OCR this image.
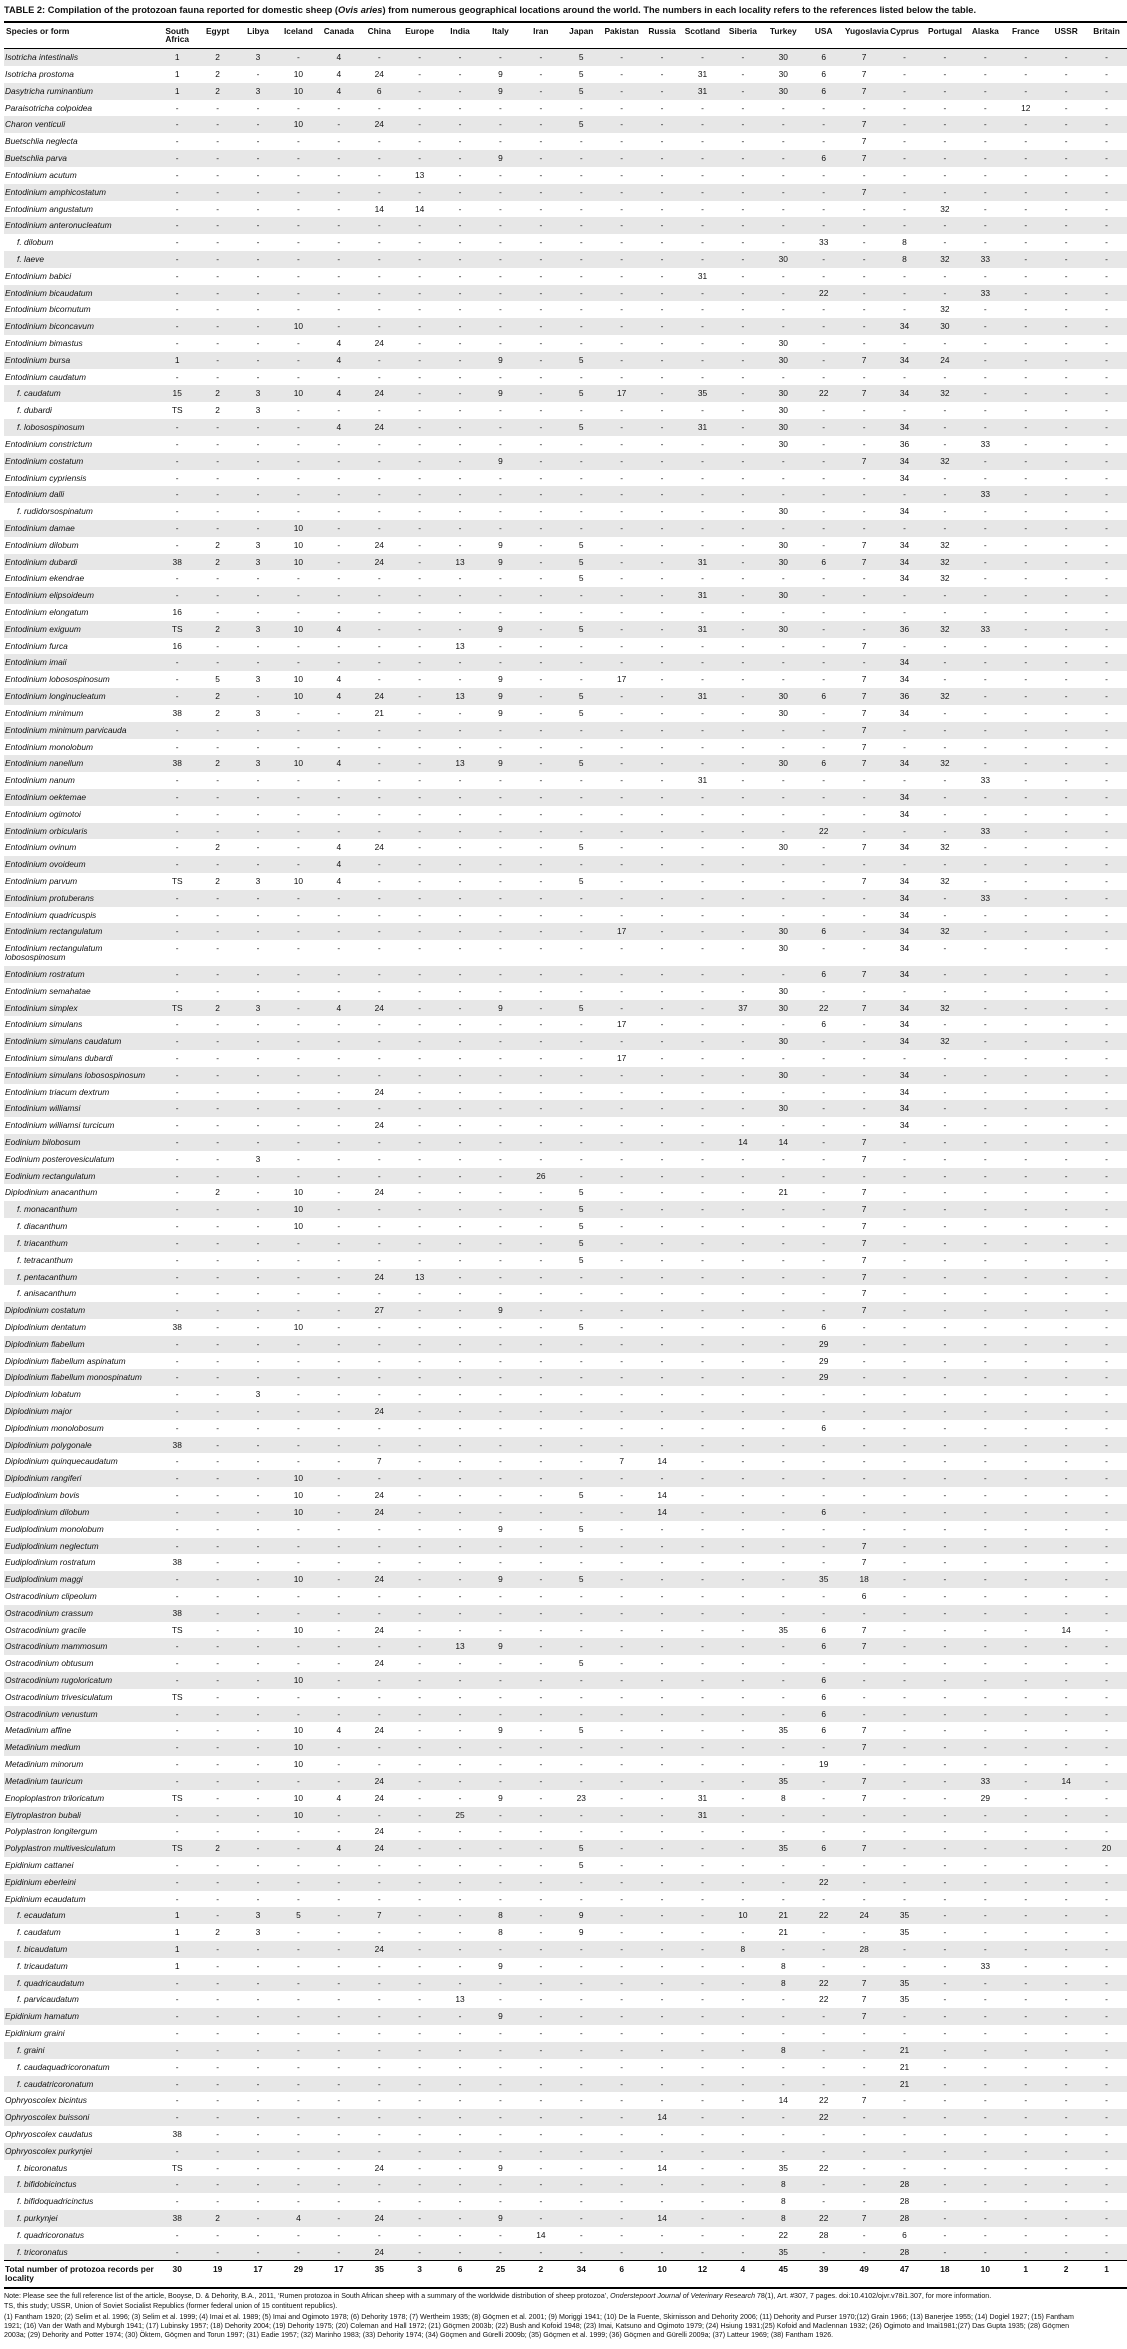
TABLE 2: Compilation of the protozoan fauna reported for domestic sheep (Ovis aries) from numerous geographical locations around the world. The numbers in each locality refers to the references listed below the table.
Species or form	South Africa	Egypt	Libya	Iceland	Canada	China	Europe	India	Italy	Iran	Japan	Pakistan	Russia	Scotland	Siberia	Turkey	USA	Yugoslavia	Cyprus	Portugal	Alaska	France	USSR	Britain
Isotricha intestinalis	1	2	3	-	4	-	-	-	-	-	5	-	-	-	-	30	6	7	-	-	-	-	-	-
Isotricha prostoma	1	2	-	10	4	24	-	-	9	-	5	-	-	31	-	30	6	7	-	-	-	-	-	-
Dasytricha ruminantium	1	2	3	10	4	6	-	-	9	-	5	-	-	31	-	30	6	7	-	-	-	-	-	-
Paraisotricha colpoidea	-	-	-	-	-	-	-	-	-	-	-	-	-	-	-	-	-	-	-	-	-	12	-	-
Charon venticuli	-	-	-	10	-	24	-	-	-	-	5	-	-	-	-	-	-	7	-	-	-	-	-	-
Buetschlia neglecta	-	-	-	-	-	-	-	-	-	-	-	-	-	-	-	-	-	7	-	-	-	-	-	-
Buetschlia parva	-	-	-	-	-	-	-	-	9	-	-	-	-	-	-	-	6	7	-	-	-	-	-	-
Entodinium acutum	-	-	-	-	-	-	13	-	-	-	-	-	-	-	-	-	-	-	-	-	-	-	-	-
Entodinium amphicostatum	-	-	-	-	-	-	-	-	-	-	-	-	-	-	-	-	-	7	-	-	-	-	-	-
Entodinium angustatum	-	-	-	-	-	14	14	-	-	-	-	-	-	-	-	-	-	-	-	32	-	-	-	-
Entodinium anteronucleatum	-	-	-	-	-	-	-	-	-	-	-	-	-	-	-	-	-	-	-	-	-	-	-	-
f. dilobum	-	-	-	-	-	-	-	-	-	-	-	-	-	-	-	-	33	-	8	-	-	-	-	-
f. laeve	-	-	-	-	-	-	-	-	-	-	-	-	-	-	-	30	-	-	8	32	33	-	-	-
Entodinium babici	-	-	-	-	-	-	-	-	-	-	-	-	-	31	-	-	-	-	-	-	-	-	-	-
Entodinium bicaudatum	-	-	-	-	-	-	-	-	-	-	-	-	-	-	-	-	22	-	-	-	33	-	-	-
Entodinium bicornutum	-	-	-	-	-	-	-	-	-	-	-	-	-	-	-	-	-	-	-	32	-	-	-	-
Entodinium biconcavum	-	-	-	10	-	-	-	-	-	-	-	-	-	-	-	-	-	-	34	30	-	-	-	-
Entodinium bimastus	-	-	-	-	4	24	-	-	-	-	-	-	-	-	-	30	-	-	-	-	-	-	-	-
Entodinium bursa	1	-	-	-	4	-	-	-	9	-	5	-	-	-	-	30	-	7	34	24	-	-	-	-
Entodinium caudatum	-	-	-	-	-	-	-	-	-	-	-	-	-	-	-	-	-	-	-	-	-	-	-	-
f. caudatum	15	2	3	10	4	24	-	-	9	-	5	17	-	35	-	30	22	7	34	32	-	-	-	-
f. dubardi	TS	2	3	-	-	-	-	-	-	-	-	-	-	-	-	30	-	-	-	-	-	-	-	-
f. lobosospinosum	-	-	-	-	4	24	-	-	-	-	5	-	-	31	-	30	-	-	34	-	-	-	-	-
Entodinium constrictum	-	-	-	-	-	-	-	-	-	-	-	-	-	-	-	30	-	-	36	-	33	-	-	-
Entodinium costatum	-	-	-	-	-	-	-	-	9	-	-	-	-	-	-	-	-	7	34	32	-	-	-	-
Entodinium cypriensis	-	-	-	-	-	-	-	-	-	-	-	-	-	-	-	-	-	-	34	-	-	-	-	-
Entodinium dalli	-	-	-	-	-	-	-	-	-	-	-	-	-	-	-	-	-	-	-	-	33	-	-	-
f. rudidorsospinatum	-	-	-	-	-	-	-	-	-	-	-	-	-	-	-	30	-	-	34	-	-	-	-	-
Entodinium damae	-	-	-	10	-	-	-	-	-	-	-	-	-	-	-	-	-	-	-	-	-	-	-	-
Entodinium dilobum	-	2	3	10	-	24	-	-	9	-	5	-	-	-	-	30	-	7	34	32	-	-	-	-
Entodinium dubardi	38	2	3	10	-	24	-	13	9	-	5	-	-	31	-	30	6	7	34	32	-	-	-	-
Entodinium ekendrae	-	-	-	-	-	-	-	-	-	-	5	-	-	-	-	-	-	-	34	32	-	-	-	-
Entodinium elipsoideum	-	-	-	-	-	-	-	-	-	-	-	-	-	31	-	30	-	-	-	-	-	-	-	-
Entodinium elongatum	16	-	-	-	-	-	-	-	-	-	-	-	-	-	-	-	-	-	-	-	-	-	-	-
Entodinium exiguum	TS	2	3	10	4	-	-	-	9	-	5	-	-	31	-	30	-	-	36	32	33	-	-	-
Entodinium furca	16	-	-	-	-	-	-	13	-	-	-	-	-	-	-	-	-	7	-	-	-	-	-	-
Entodinium imaii	-	-	-	-	-	-	-	-	-	-	-	-	-	-	-	-	-	-	34	-	-	-	-	-
Entodinium lobosospinosum	-	5	3	10	4	-	-	-	9	-	-	17	-	-	-	-	-	7	34	-	-	-	-	-
Entodinium longinucleatum	-	2	-	10	4	24	-	13	9	-	5	-	-	31	-	30	6	7	36	32	-	-	-	-
Entodinium minimum	38	2	3	-	-	21	-	-	9	-	5	-	-	-	-	30	-	7	34	-	-	-	-	-
Entodinium minimum parvicauda	-	-	-	-	-	-	-	-	-	-	-	-	-	-	-	-	-	7	-	-	-	-	-	-
Entodinium monolobum	-	-	-	-	-	-	-	-	-	-	-	-	-	-	-	-	-	7	-	-	-	-	-	-
Entodinium nanellum	38	2	3	10	4	-	-	13	9	-	5	-	-	-	-	30	6	7	34	32	-	-	-	-
Entodinium nanum	-	-	-	-	-	-	-	-	-	-	-	-	-	31	-	-	-	-	-	-	33	-	-	-
Entodinium oektemae	-	-	-	-	-	-	-	-	-	-	-	-	-	-	-	-	-	-	34	-	-	-	-	-
Entodinium ogimotoi	-	-	-	-	-	-	-	-	-	-	-	-	-	-	-	-	-	-	34	-	-	-	-	-
Entodinium orbicularis	-	-	-	-	-	-	-	-	-	-	-	-	-	-	-	-	22	-	-	-	33	-	-	-
Entodinium ovinum	-	2	-	-	4	24	-	-	-	-	5	-	-	-	-	30	-	7	34	32	-	-	-	-
Entodinium ovoideum	-	-	-	-	4	-	-	-	-	-	-	-	-	-	-	-	-	-	-	-	-	-	-	-
Entodinium parvum	TS	2	3	10	4	-	-	-	-	-	5	-	-	-	-	-	-	7	34	32	-	-	-	-
Entodinium protuberans	-	-	-	-	-	-	-	-	-	-	-	-	-	-	-	-	-	-	34	-	33	-	-	-
Entodinium quadricuspis	-	-	-	-	-	-	-	-	-	-	-	-	-	-	-	-	-	-	34	-	-	-	-	-
Entodinium rectangulatum	-	-	-	-	-	-	-	-	-	-	-	17	-	-	-	30	6	-	34	32	-	-	-	-
Entodinium rectangulatum lobosospinosum	-	-	-	-	-	-	-	-	-	-	-	-	-	-	-	30	-	-	34	-	-	-	-	-
Entodinium rostratum	-	-	-	-	-	-	-	-	-	-	-	-	-	-	-	-	6	7	34	-	-	-	-	-
Entodinium semahatae	-	-	-	-	-	-	-	-	-	-	-	-	-	-	-	30	-	-	-	-	-	-	-	-
Entodinium simplex	TS	2	3	-	4	24	-	-	9	-	5	-	-	-	37	30	22	7	34	32	-	-	-	-
Entodinium simulans	-	-	-	-	-	-	-	-	-	-	-	17	-	-	-	-	6	-	34	-	-	-	-	-
Entodinium simulans caudatum	-	-	-	-	-	-	-	-	-	-	-	-	-	-	-	30	-	-	34	32	-	-	-	-
Entodinium simulans dubardi	-	-	-	-	-	-	-	-	-	-	-	17	-	-	-	-	-	-	-	-	-	-	-	-
Entodinium simulans lobosospinosum	-	-	-	-	-	-	-	-	-	-	-	-	-	-	-	30	-	-	34	-	-	-	-	-
Entodinium triacum dextrum	-	-	-	-	-	24	-	-	-	-	-	-	-	-	-	-	-	-	34	-	-	-	-	-
Entodinium williamsi	-	-	-	-	-	-	-	-	-	-	-	-	-	-	-	30	-	-	34	-	-	-	-	-
Entodinium williamsi turcicum	-	-	-	-	-	24	-	-	-	-	-	-	-	-	-	-	-	-	34	-	-	-	-	-
Eodinium bilobosum	-	-	-	-	-	-	-	-	-	-	-	-	-	-	14	14	-	7	-	-	-	-	-	-
Eodinium posterovesiculatum	-	-	3	-	-	-	-	-	-	-	-	-	-	-	-	-	-	7	-	-	-	-	-	-
Eodinium rectangulatum	-	-	-	-	-	-	-	-	-	26	-	-	-	-	-	-	-	-	-	-	-	-	-	-
Diplodinium anacanthum	-	2	-	10	-	24	-	-	-	-	5	-	-	-	-	21	-	7	-	-	-	-	-	-
f. monacanthum	-	-	-	10	-	-	-	-	-	-	5	-	-	-	-	-	-	7	-	-	-	-	-	-
f. diacanthum	-	-	-	10	-	-	-	-	-	-	5	-	-	-	-	-	-	7	-	-	-	-	-	-
f. triacanthum	-	-	-	-	-	-	-	-	-	-	5	-	-	-	-	-	-	7	-	-	-	-	-	-
f. tetracanthum	-	-	-	-	-	-	-	-	-	-	5	-	-	-	-	-	-	7	-	-	-	-	-	-
f. pentacanthum	-	-	-	-	-	24	13	-	-	-	-	-	-	-	-	-	-	7	-	-	-	-	-	-
f. anisacanthum	-	-	-	-	-	-	-	-	-	-	-	-	-	-	-	-	-	7	-	-	-	-	-	-
Diplodinium costatum	-	-	-	-	-	27	-	-	9	-	-	-	-	-	-	-	-	7	-	-	-	-	-	-
Diplodinium dentatum	38	-	-	10	-	-	-	-	-	-	5	-	-	-	-	-	6	-	-	-	-	-	-	-
Diplodinium flabellum	-	-	-	-	-	-	-	-	-	-	-	-	-	-	-	-	29	-	-	-	-	-	-	-
Diplodinium flabellum aspinatum	-	-	-	-	-	-	-	-	-	-	-	-	-	-	-	-	29	-	-	-	-	-	-	-
Diplodinium flabellum monospinatum	-	-	-	-	-	-	-	-	-	-	-	-	-	-	-	-	29	-	-	-	-	-	-	-
Diplodinium lobatum	-	-	3	-	-	-	-	-	-	-	-	-	-	-	-	-	-	-	-	-	-	-	-	-
Diplodinium major	-	-	-	-	-	24	-	-	-	-	-	-	-	-	-	-	-	-	-	-	-	-	-	-
Diplodinium monolobosum	-	-	-	-	-	-	-	-	-	-	-	-	-	-	-	-	6	-	-	-	-	-	-	-
Diplodinium polygonale	38	-	-	-	-	-	-	-	-	-	-	-	-	-	-	-	-	-	-	-	-	-	-	-
Diplodinium quinquecaudatum	-	-	-	-	-	7	-	-	-	-	-	7	14	-	-	-	-	-	-	-	-	-	-	-
Diplodinium rangiferi	-	-	-	10	-	-	-	-	-	-	-	-	-	-	-	-	-	-	-	-	-	-	-	-
Eudiplodinium bovis	-	-	-	10	-	24	-	-	-	-	5	-	14	-	-	-	-	-	-	-	-	-	-	-
Eudiplodinium dilobum	-	-	-	10	-	24	-	-	-	-	-	-	14	-	-	-	6	-	-	-	-	-	-	-
Eudiplodinium monolobum	-	-	-	-	-	-	-	-	9	-	5	-	-	-	-	-	-	-	-	-	-	-	-	-
Eudiplodinium neglectum	-	-	-	-	-	-	-	-	-	-	-	-	-	-	-	-	-	7	-	-	-	-	-	-
Eudiplodinium rostratum	38	-	-	-	-	-	-	-	-	-	-	-	-	-	-	-	-	7	-	-	-	-	-	-
Eudiplodinium maggi	-	-	-	10	-	24	-	-	9	-	5	-	-	-	-	-	35	18	-	-	-	-	-	-
Ostracodinium clipeolum	-	-	-	-	-	-	-	-	-	-	-	-	-	-	-	-	-	6	-	-	-	-	-	-
Ostracodinium crassum	38	-	-	-	-	-	-	-	-	-	-	-	-	-	-	-	-	-	-	-	-	-	-	-
Ostracodinium gracile	TS	-	-	10	-	24	-	-	-	-	-	-	-	-	-	35	6	7	-	-	-	-	14	-
Ostracodinium mammosum	-	-	-	-	-	-	-	13	9	-	-	-	-	-	-	-	6	7	-	-	-	-	-	-
Ostracodinium obtusum	-	-	-	-	-	24	-	-	-	-	5	-	-	-	-	-	-	-	-	-	-	-	-	-
Ostracodinium rugoloricatum	-	-	-	10	-	-	-	-	-	-	-	-	-	-	-	-	6	-	-	-	-	-	-	-
Ostracodinium trivesiculatum	TS	-	-	-	-	-	-	-	-	-	-	-	-	-	-	-	6	-	-	-	-	-	-	-
Ostracodinium venustum	-	-	-	-	-	-	-	-	-	-	-	-	-	-	-	-	6	-	-	-	-	-	-	-
Metadinium affine	-	-	-	10	4	24	-	-	9	-	5	-	-	-	-	35	6	7	-	-	-	-	-	-
Metadinium medium	-	-	-	10	-	-	-	-	-	-	-	-	-	-	-	-	-	7	-	-	-	-	-	-
Metadinium minorum	-	-	-	10	-	-	-	-	-	-	-	-	-	-	-	-	19	-	-	-	-	-	-	-
Metadinium tauricum	-	-	-	-	-	24	-	-	-	-	-	-	-	-	-	35	-	7	-	-	33	-	14	-
Enoploplastron triloricatum	TS	-	-	10	4	24	-	-	9	-	23	-	-	31	-	8	-	7	-	-	29	-	-	-
Elytroplastron bubali	-	-	-	10	-	-	-	25	-	-	-	-	-	31	-	-	-	-	-	-	-	-	-	-
Polyplastron longitergum	-	-	-	-	-	24	-	-	-	-	-	-	-	-	-	-	-	-	-	-	-	-	-	-
Polyplastron multivesiculatum	TS	2	-	-	4	24	-	-	-	-	5	-	-	-	-	35	6	7	-	-	-	-	-	20
Epidinium cattanei	-	-	-	-	-	-	-	-	-	-	5	-	-	-	-	-	-	-	-	-	-	-	-	-
Epidinium eberleini	-	-	-	-	-	-	-	-	-	-	-	-	-	-	-	-	22	-	-	-	-	-	-	-
Epidinium ecaudatum	-	-	-	-	-	-	-	-	-	-	-	-	-	-	-	-	-	-	-	-	-	-	-	-
f. ecaudatum	1	-	3	5	-	7	-	-	8	-	9	-	-	-	10	21	22	24	35	-	-	-	-	-
f. caudatum	1	2	3	-	-	-	-	-	8	-	9	-	-	-	-	21	-	-	35	-	-	-	-	-
f. bicaudatum	1	-	-	-	-	24	-	-	-	-	-	-	-	-	8	-	-	28	-	-	-	-	-	-
f. tricaudatum	1	-	-	-	-	-	-	-	9	-	-	-	-	-	-	8	-	-	-	-	33	-	-	-
f. quadricaudatum	-	-	-	-	-	-	-	-	-	-	-	-	-	-	-	8	22	7	35	-	-	-	-	-
f. parvicaudatum	-	-	-	-	-	-	-	13	-	-	-	-	-	-	-	-	22	7	35	-	-	-	-	-
Epidinium hamatum	-	-	-	-	-	-	-	-	9	-	-	-	-	-	-	-	-	7	-	-	-	-	-	-
Epidinium graini	-	-	-	-	-	-	-	-	-	-	-	-	-	-	-	-	-	-	-	-	-	-	-	-
f. graini	-	-	-	-	-	-	-	-	-	-	-	-	-	-	-	8	-	-	21	-	-	-	-	-
f. caudaquadricoronatum	-	-	-	-	-	-	-	-	-	-	-	-	-	-	-	-	-	-	21	-	-	-	-	-
f. caudatricoronatum	-	-	-	-	-	-	-	-	-	-	-	-	-	-	-	-	-	-	21	-	-	-	-	-
Ophryoscolex bicintus	-	-	-	-	-	-	-	-	-	-	-	-	-	-	-	14	22	7	-	-	-	-	-	-
Ophryoscolex buissoni	-	-	-	-	-	-	-	-	-	-	-	-	14	-	-	-	22	-	-	-	-	-	-	-
Ophryoscolex caudatus	38	-	-	-	-	-	-	-	-	-	-	-	-	-	-	-	-	-	-	-	-	-	-	-
Ophryoscolex purkynjei	-	-	-	-	-	-	-	-	-	-	-	-	-	-	-	-	-	-	-	-	-	-	-	-
f. bicoronatus	TS	-	-	-	-	24	-	-	9	-	-	-	14	-	-	35	22	-	-	-	-	-	-	-
f. bifidobicinctus	-	-	-	-	-	-	-	-	-	-	-	-	-	-	-	8	-	-	28	-	-	-	-	-
f. bifidoquadricinctus	-	-	-	-	-	-	-	-	-	-	-	-	-	-	-	8	-	-	28	-	-	-	-	-
f. purkynjei	38	2	-	4	-	24	-	-	9	-	-	-	14	-	-	8	22	7	28	-	-	-	-	-
f. quadricoronatus	-	-	-	-	-	-	-	-	-	14	-	-	-	-	-	22	28	-	6	-	-	-	-	-
f. tricoronatus	-	-	-	-	-	24	-	-	-	-	-	-	-	-	-	35	-	-	28	-	-	-	-	-
Total number of protozoa records per locality	30	19	17	29	17	35	3	6	25	2	34	6	10	12	4	45	39	49	47	18	10	1	2	1

Note: Please see the full reference list of the article, Booyse, D. & Dehority, B.A., 2011, ‘Rumen protozoa in South African sheep with a summary of the worldwide distribution of sheep protozoa’, Onderstepoort Journal of Veterinary Research 78(1), Art. #307, 7 pages. doi:10.4102/ojvr.v78i1.307, for more information.

TS, this study; USSR, Union of Soviet Socialist Republics (former federal union of 15 contituent republics).

(1) Fantham 1920; (2) Selim et al. 1996; (3) Selim et al. 1999; (4) Imai et al. 1989; (5) Imai and Ogimoto 1978; (6) Dehority 1978; (7) Wertheim 1935; (8) Göçmen et al. 2001; (9) Moriggi 1941; (10) De la Fuente, Skirnisson and Dehority 2006; (11) Dehority and Purser 1970;(12) Grain 1966; (13) Banerjee 1955; (14) Dogiel 1927; (15) Fantham 1921; (16) Van der Wath and Myburgh 1941; (17) Lubinsky 1957; (18) Dehority 2004; (19) Dehority 1975; (20) Coleman and Hall 1972; (21) Göçmen 2003b; (22) Bush and Kofoid 1948; (23) Imai, Katsuno and Ogimoto 1979; (24) Hsiung 1931;(25) Kofoid and Maclennan 1932; (26) Ogimoto and Imai1981;(27) Das Gupta 1935; (28) Göçmen 2003a; (29) Dehority and Potter 1974; (30) Öktem, Göçmen and Torun 1997; (31) Eadie 1957; (32) Marinho 1983; (33) Dehority 1974; (34) Göçmen and Gürelli 2009b; (35) Göçmen et al. 1999; (36) Göçmen and Gürelli 2009a; (37) Latteur 1969; (38) Fantham 1926.
